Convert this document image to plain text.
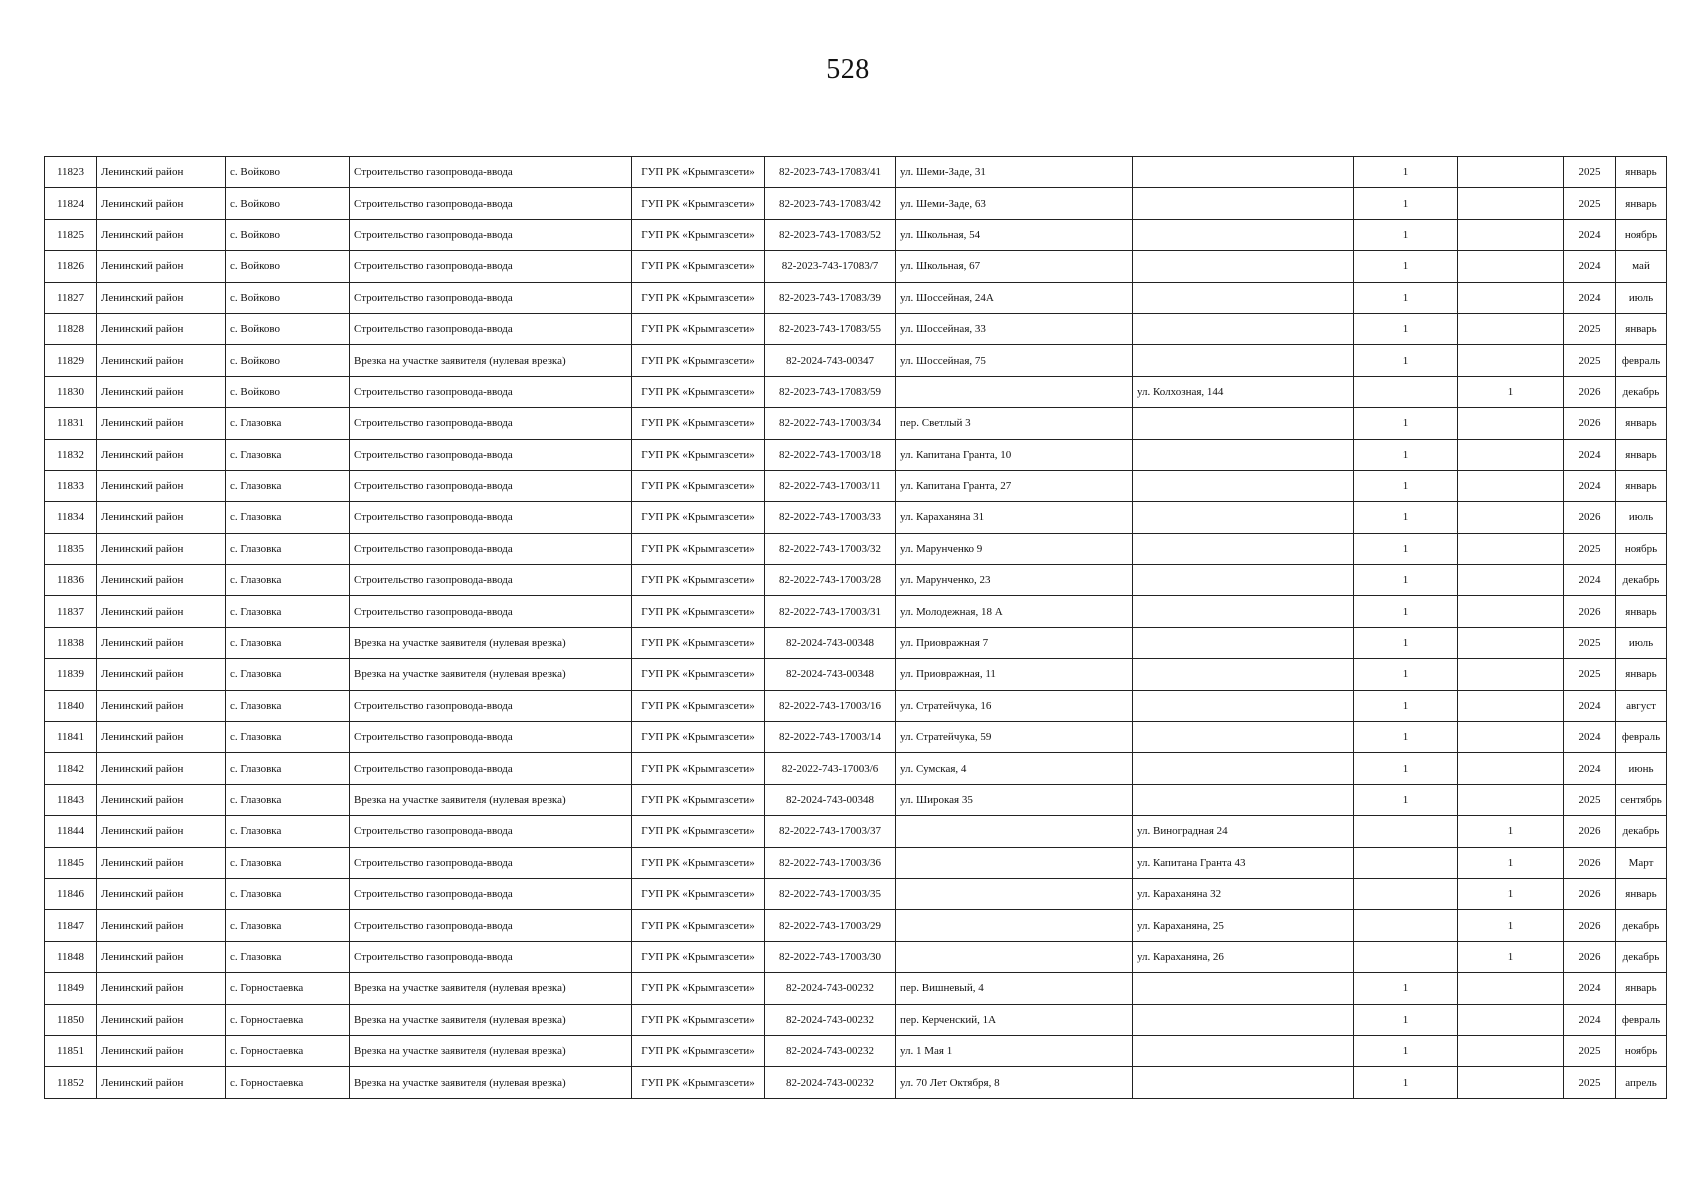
528
11823	Ленинский район	с. Войково	Строительство газопровода-ввода	ГУП РК «Крымгазсети»	82-2023-743-17083/41	ул. Шеми-Заде, 31		1		2025	январь
11824	Ленинский район	с. Войково	Строительство газопровода-ввода	ГУП РК «Крымгазсети»	82-2023-743-17083/42	ул. Шеми-Заде, 63		1		2025	январь
11825	Ленинский район	с. Войково	Строительство газопровода-ввода	ГУП РК «Крымгазсети»	82-2023-743-17083/52	ул. Школьная, 54		1		2024	ноябрь
11826	Ленинский район	с. Войково	Строительство газопровода-ввода	ГУП РК «Крымгазсети»	82-2023-743-17083/7	ул. Школьная, 67		1		2024	май
11827	Ленинский район	с. Войково	Строительство газопровода-ввода	ГУП РК «Крымгазсети»	82-2023-743-17083/39	ул. Шоссейная, 24А		1		2024	июль
11828	Ленинский район	с. Войково	Строительство газопровода-ввода	ГУП РК «Крымгазсети»	82-2023-743-17083/55	ул. Шоссейная, 33		1		2025	январь
11829	Ленинский район	с. Войково	Врезка на участке заявителя (нулевая врезка)	ГУП РК «Крымгазсети»	82-2024-743-00347	ул. Шоссейная, 75		1		2025	февраль
11830	Ленинский район	с. Войково	Строительство газопровода-ввода	ГУП РК «Крымгазсети»	82-2023-743-17083/59		ул. Колхозная, 144		1	2026	декабрь
11831	Ленинский район	с. Глазовка	Строительство газопровода-ввода	ГУП РК «Крымгазсети»	82-2022-743-17003/34	пер. Светлый 3		1		2026	январь
11832	Ленинский район	с. Глазовка	Строительство газопровода-ввода	ГУП РК «Крымгазсети»	82-2022-743-17003/18	ул. Капитана Гранта, 10		1		2024	январь
11833	Ленинский район	с. Глазовка	Строительство газопровода-ввода	ГУП РК «Крымгазсети»	82-2022-743-17003/11	ул. Капитана Гранта, 27		1		2024	январь
11834	Ленинский район	с. Глазовка	Строительство газопровода-ввода	ГУП РК «Крымгазсети»	82-2022-743-17003/33	ул. Караханяна 31		1		2026	июль
11835	Ленинский район	с. Глазовка	Строительство газопровода-ввода	ГУП РК «Крымгазсети»	82-2022-743-17003/32	ул. Марунченко 9		1		2025	ноябрь
11836	Ленинский район	с. Глазовка	Строительство газопровода-ввода	ГУП РК «Крымгазсети»	82-2022-743-17003/28	ул. Марунченко, 23		1		2024	декабрь
11837	Ленинский район	с. Глазовка	Строительство газопровода-ввода	ГУП РК «Крымгазсети»	82-2022-743-17003/31	ул. Молодежная, 18 А		1		2026	январь
11838	Ленинский район	с. Глазовка	Врезка на участке заявителя (нулевая врезка)	ГУП РК «Крымгазсети»	82-2024-743-00348	ул. Приовражная 7		1		2025	июль
11839	Ленинский район	с. Глазовка	Врезка на участке заявителя (нулевая врезка)	ГУП РК «Крымгазсети»	82-2024-743-00348	ул. Приовражная, 11		1		2025	январь
11840	Ленинский район	с. Глазовка	Строительство газопровода-ввода	ГУП РК «Крымгазсети»	82-2022-743-17003/16	ул. Стратейчука, 16		1		2024	август
11841	Ленинский район	с. Глазовка	Строительство газопровода-ввода	ГУП РК «Крымгазсети»	82-2022-743-17003/14	ул. Стратейчука, 59		1		2024	февраль
11842	Ленинский район	с. Глазовка	Строительство газопровода-ввода	ГУП РК «Крымгазсети»	82-2022-743-17003/6	ул. Сумская, 4		1		2024	июнь
11843	Ленинский район	с. Глазовка	Врезка на участке заявителя (нулевая врезка)	ГУП РК «Крымгазсети»	82-2024-743-00348	ул. Широкая 35		1		2025	сентябрь
11844	Ленинский район	с. Глазовка	Строительство газопровода-ввода	ГУП РК «Крымгазсети»	82-2022-743-17003/37		ул. Виноградная 24		1	2026	декабрь
11845	Ленинский район	с. Глазовка	Строительство газопровода-ввода	ГУП РК «Крымгазсети»	82-2022-743-17003/36		ул. Капитана Гранта 43		1	2026	Март
11846	Ленинский район	с. Глазовка	Строительство газопровода-ввода	ГУП РК «Крымгазсети»	82-2022-743-17003/35		ул. Караханяна 32		1	2026	январь
11847	Ленинский район	с. Глазовка	Строительство газопровода-ввода	ГУП РК «Крымгазсети»	82-2022-743-17003/29		ул. Караханяна, 25		1	2026	декабрь
11848	Ленинский район	с. Глазовка	Строительство газопровода-ввода	ГУП РК «Крымгазсети»	82-2022-743-17003/30		ул. Караханяна, 26		1	2026	декабрь
11849	Ленинский район	с. Горностаевка	Врезка на участке заявителя (нулевая врезка)	ГУП РК «Крымгазсети»	82-2024-743-00232	пер. Вишневый, 4		1		2024	январь
11850	Ленинский район	с. Горностаевка	Врезка на участке заявителя (нулевая врезка)	ГУП РК «Крымгазсети»	82-2024-743-00232	пер. Керченский, 1А		1		2024	февраль
11851	Ленинский район	с. Горностаевка	Врезка на участке заявителя (нулевая врезка)	ГУП РК «Крымгазсети»	82-2024-743-00232	ул. 1 Мая 1		1		2025	ноябрь
11852	Ленинский район	с. Горностаевка	Врезка на участке заявителя (нулевая врезка)	ГУП РК «Крымгазсети»	82-2024-743-00232	ул. 70 Лет Октября, 8		1		2025	апрель
